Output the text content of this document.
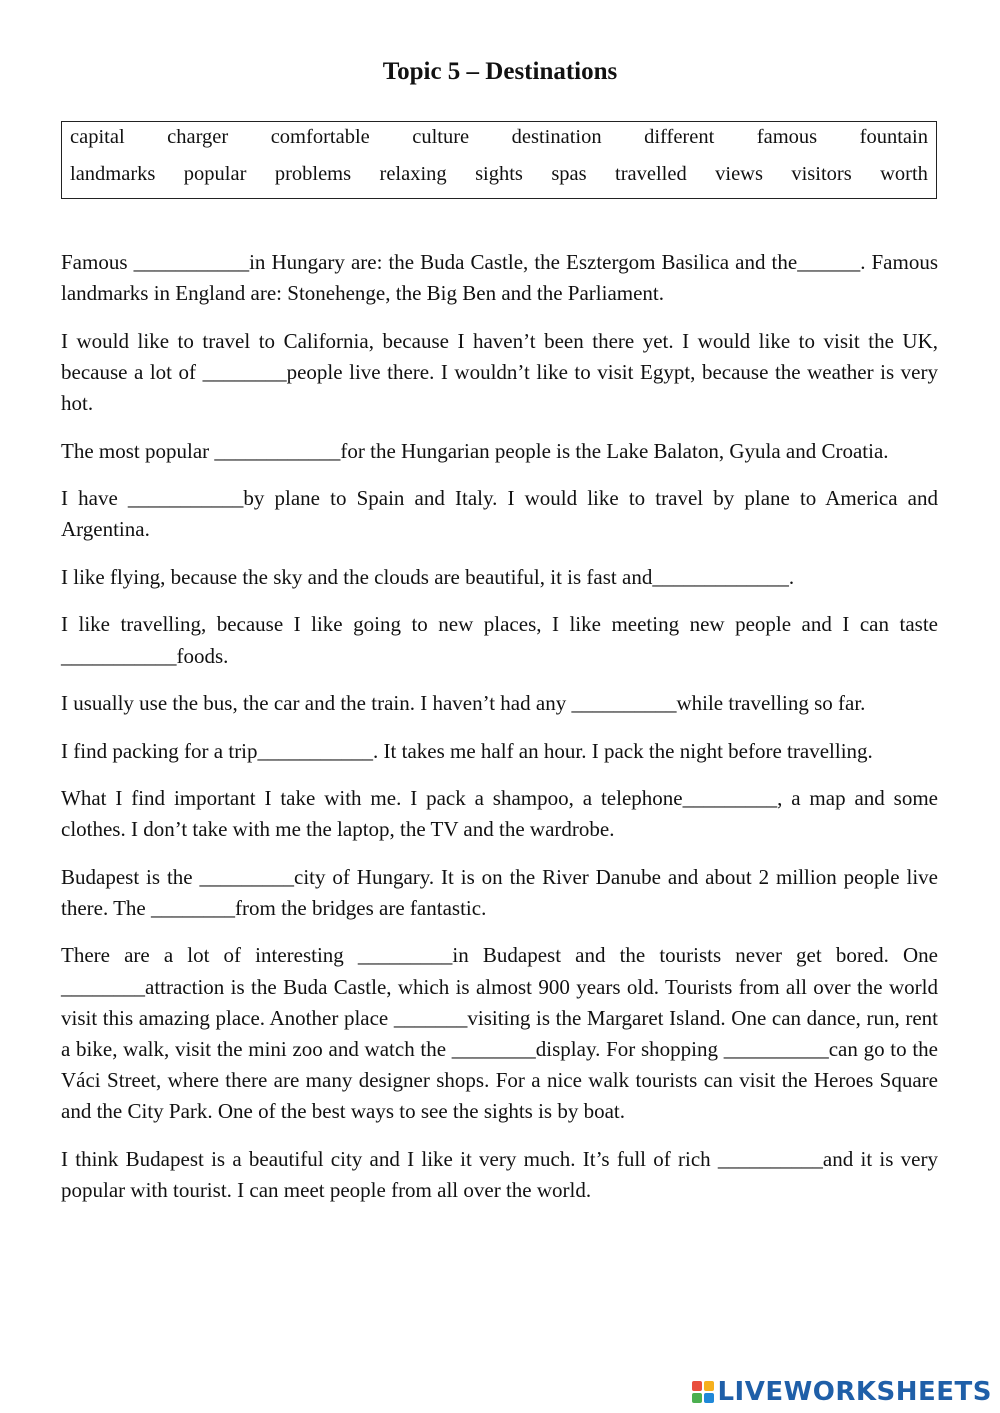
Topic 5 – Destinations
capital charger comfortable culture destination different famous fountain
landmarks popular problems relaxing sights spas travelled views visitors worth

Famous ___________in Hungary are: the Buda Castle, the Esztergom Basilica and the______. Famous landmarks in England are: Stonehenge, the Big Ben and the Parliament.

I would like to travel to California, because I haven’t been there yet. I would like to visit the UK, because a lot of ________people live there. I wouldn’t like to visit Egypt, because the weather is very hot.

The most popular ____________for the Hungarian people is the Lake Balaton, Gyula and Croatia.

I have ___________by plane to Spain and Italy. I would like to travel by plane to America and Argentina.

I like flying, because the sky and the clouds are beautiful, it is fast and_____________.

I like travelling, because I like going to new places, I like meeting new people and I can taste ___________foods.

I usually use the bus, the car and the train. I haven’t had any __________while travelling so far.

I find packing for a trip___________. It takes me half an hour. I pack the night before travelling.

What I find important I take with me. I pack a shampoo, a telephone_________, a map and some clothes. I don’t take with me the laptop, the TV and the wardrobe.

Budapest is the _________city of Hungary. It is on the River Danube and about 2 million people live there. The ________from the bridges are fantastic.

There are a lot of interesting _________in Budapest and the tourists never get bored. One ________attraction is the Buda Castle, which is almost 900 years old. Tourists from all over the world visit this amazing place. Another place _______visiting is the Margaret Island. One can dance, run, rent a bike, walk, visit the mini zoo and watch the ________display. For shopping __________can go to the Váci Street, where there are many designer shops. For a nice walk tourists can visit the Heroes Square and the City Park. One of the best ways to see the sights is by boat.

I think Budapest is a beautiful city and I like it very much. It’s full of rich __________and it is very popular with tourist. I can meet people from all over the world.

LIVEWORKSHEETS
